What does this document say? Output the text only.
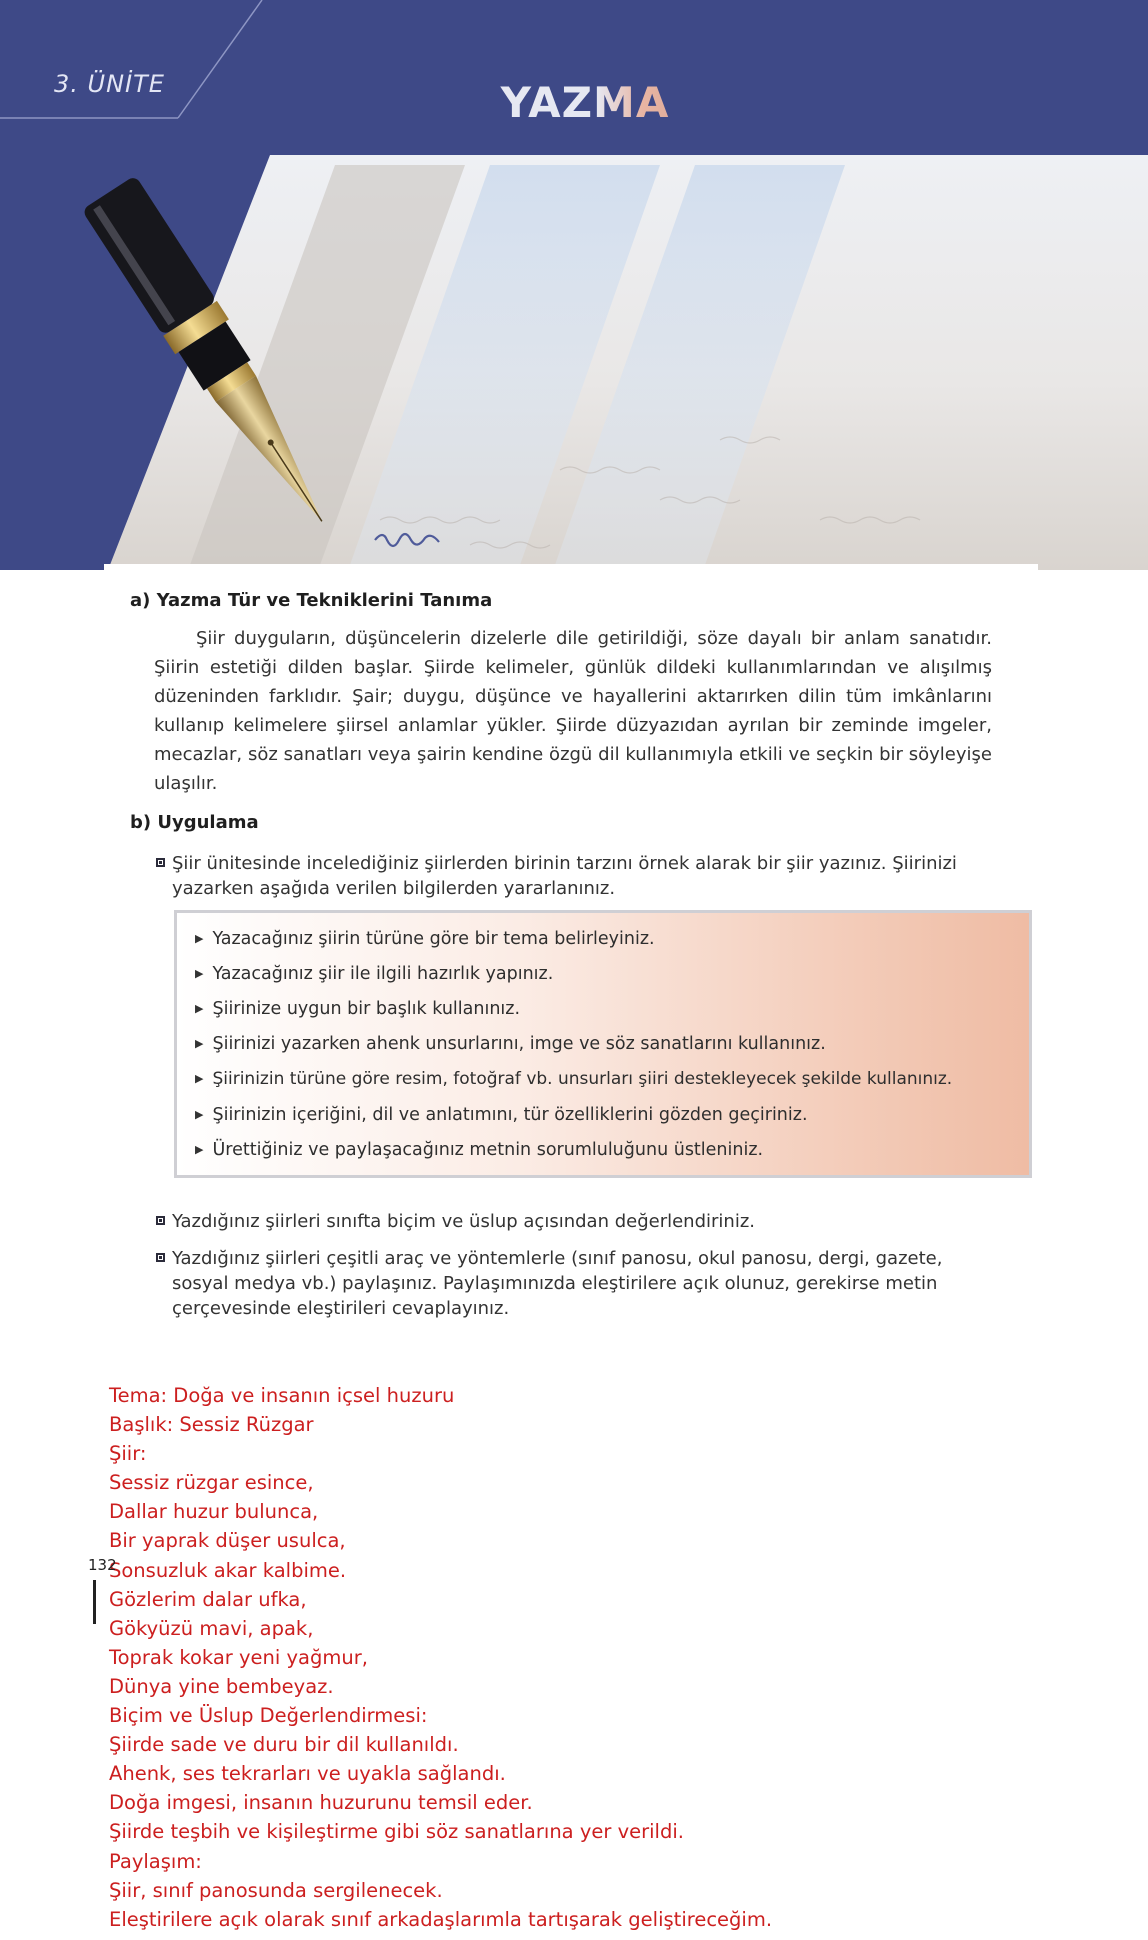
3. ÜNİTE	YAZMA
a) Yazma Tür ve Tekniklerini Tanıma
Şiir duyguların, düşüncelerin dizelerle dile getirildiği, söze dayalı bir anlam sanatıdır. Şiirin estetiği dilden başlar. Şiirde kelimeler, günlük dildeki kullanımlarından ve alışılmış düzeninden farklıdır. Şair; duygu, düşünce ve hayallerini aktarırken dilin tüm imkânlarını kullanıp kelimelere şiirsel anlamlar yükler. Şiirde düzyazıdan ayrılan bir zeminde imgeler, mecazlar, söz sanatları veya şairin kendine özgü dil kullanımıyla etkili ve seçkin bir söyleyişe ulaşılır.
b) Uygulama
Şiir ünitesinde incelediğiniz şiirlerden birinin tarzını örnek alarak bir şiir yazınız. Şiirinizi yazarken aşağıda verilen bilgilerden yararlanınız.
▶ Yazacağınız şiirin türüne göre bir tema belirleyiniz.
▶ Yazacağınız şiir ile ilgili hazırlık yapınız.
▶ Şiirinize uygun bir başlık kullanınız.
▶ Şiirinizi yazarken ahenk unsurlarını, imge ve söz sanatlarını kullanınız.
▶ Şiirinizin türüne göre resim, fotoğraf vb. unsurları şiiri destekleyecek şekilde kullanınız.
▶ Şiirinizin içeriğini, dil ve anlatımını, tür özelliklerini gözden geçiriniz.
▶ Ürettiğiniz ve paylaşacağınız metnin sorumluluğunu üstleniniz.
Yazdığınız şiirleri sınıfta biçim ve üslup açısından değerlendiriniz.
Yazdığınız şiirleri çeşitli araç ve yöntemlerle (sınıf panosu, okul panosu, dergi, gazete, sosyal medya vb.) paylaşınız. Paylaşımınızda eleştirilere açık olunuz, gerekirse metin çerçevesinde eleştirileri cevaplayınız.
Tema: Doğa ve insanın içsel huzuru
Başlık: Sessiz Rüzgar
Şiir:
Sessiz rüzgar esince,
Dallar huzur bulunca,
Bir yaprak düşer usulca,
Sonsuzluk akar kalbime.
Gözlerim dalar ufka,
Gökyüzü mavi, apak,
Toprak kokar yeni yağmur,
Dünya yine bembeyaz.
Biçim ve Üslup Değerlendirmesi:
Şiirde sade ve duru bir dil kullanıldı.
Ahenk, ses tekrarları ve uyakla sağlandı.
Doğa imgesi, insanın huzurunu temsil eder.
Şiirde teşbih ve kişileştirme gibi söz sanatlarına yer verildi.
Paylaşım:
Şiir, sınıf panosunda sergilenecek.
Eleştirilere açık olarak sınıf arkadaşlarımla tartışarak geliştireceğim.
132
